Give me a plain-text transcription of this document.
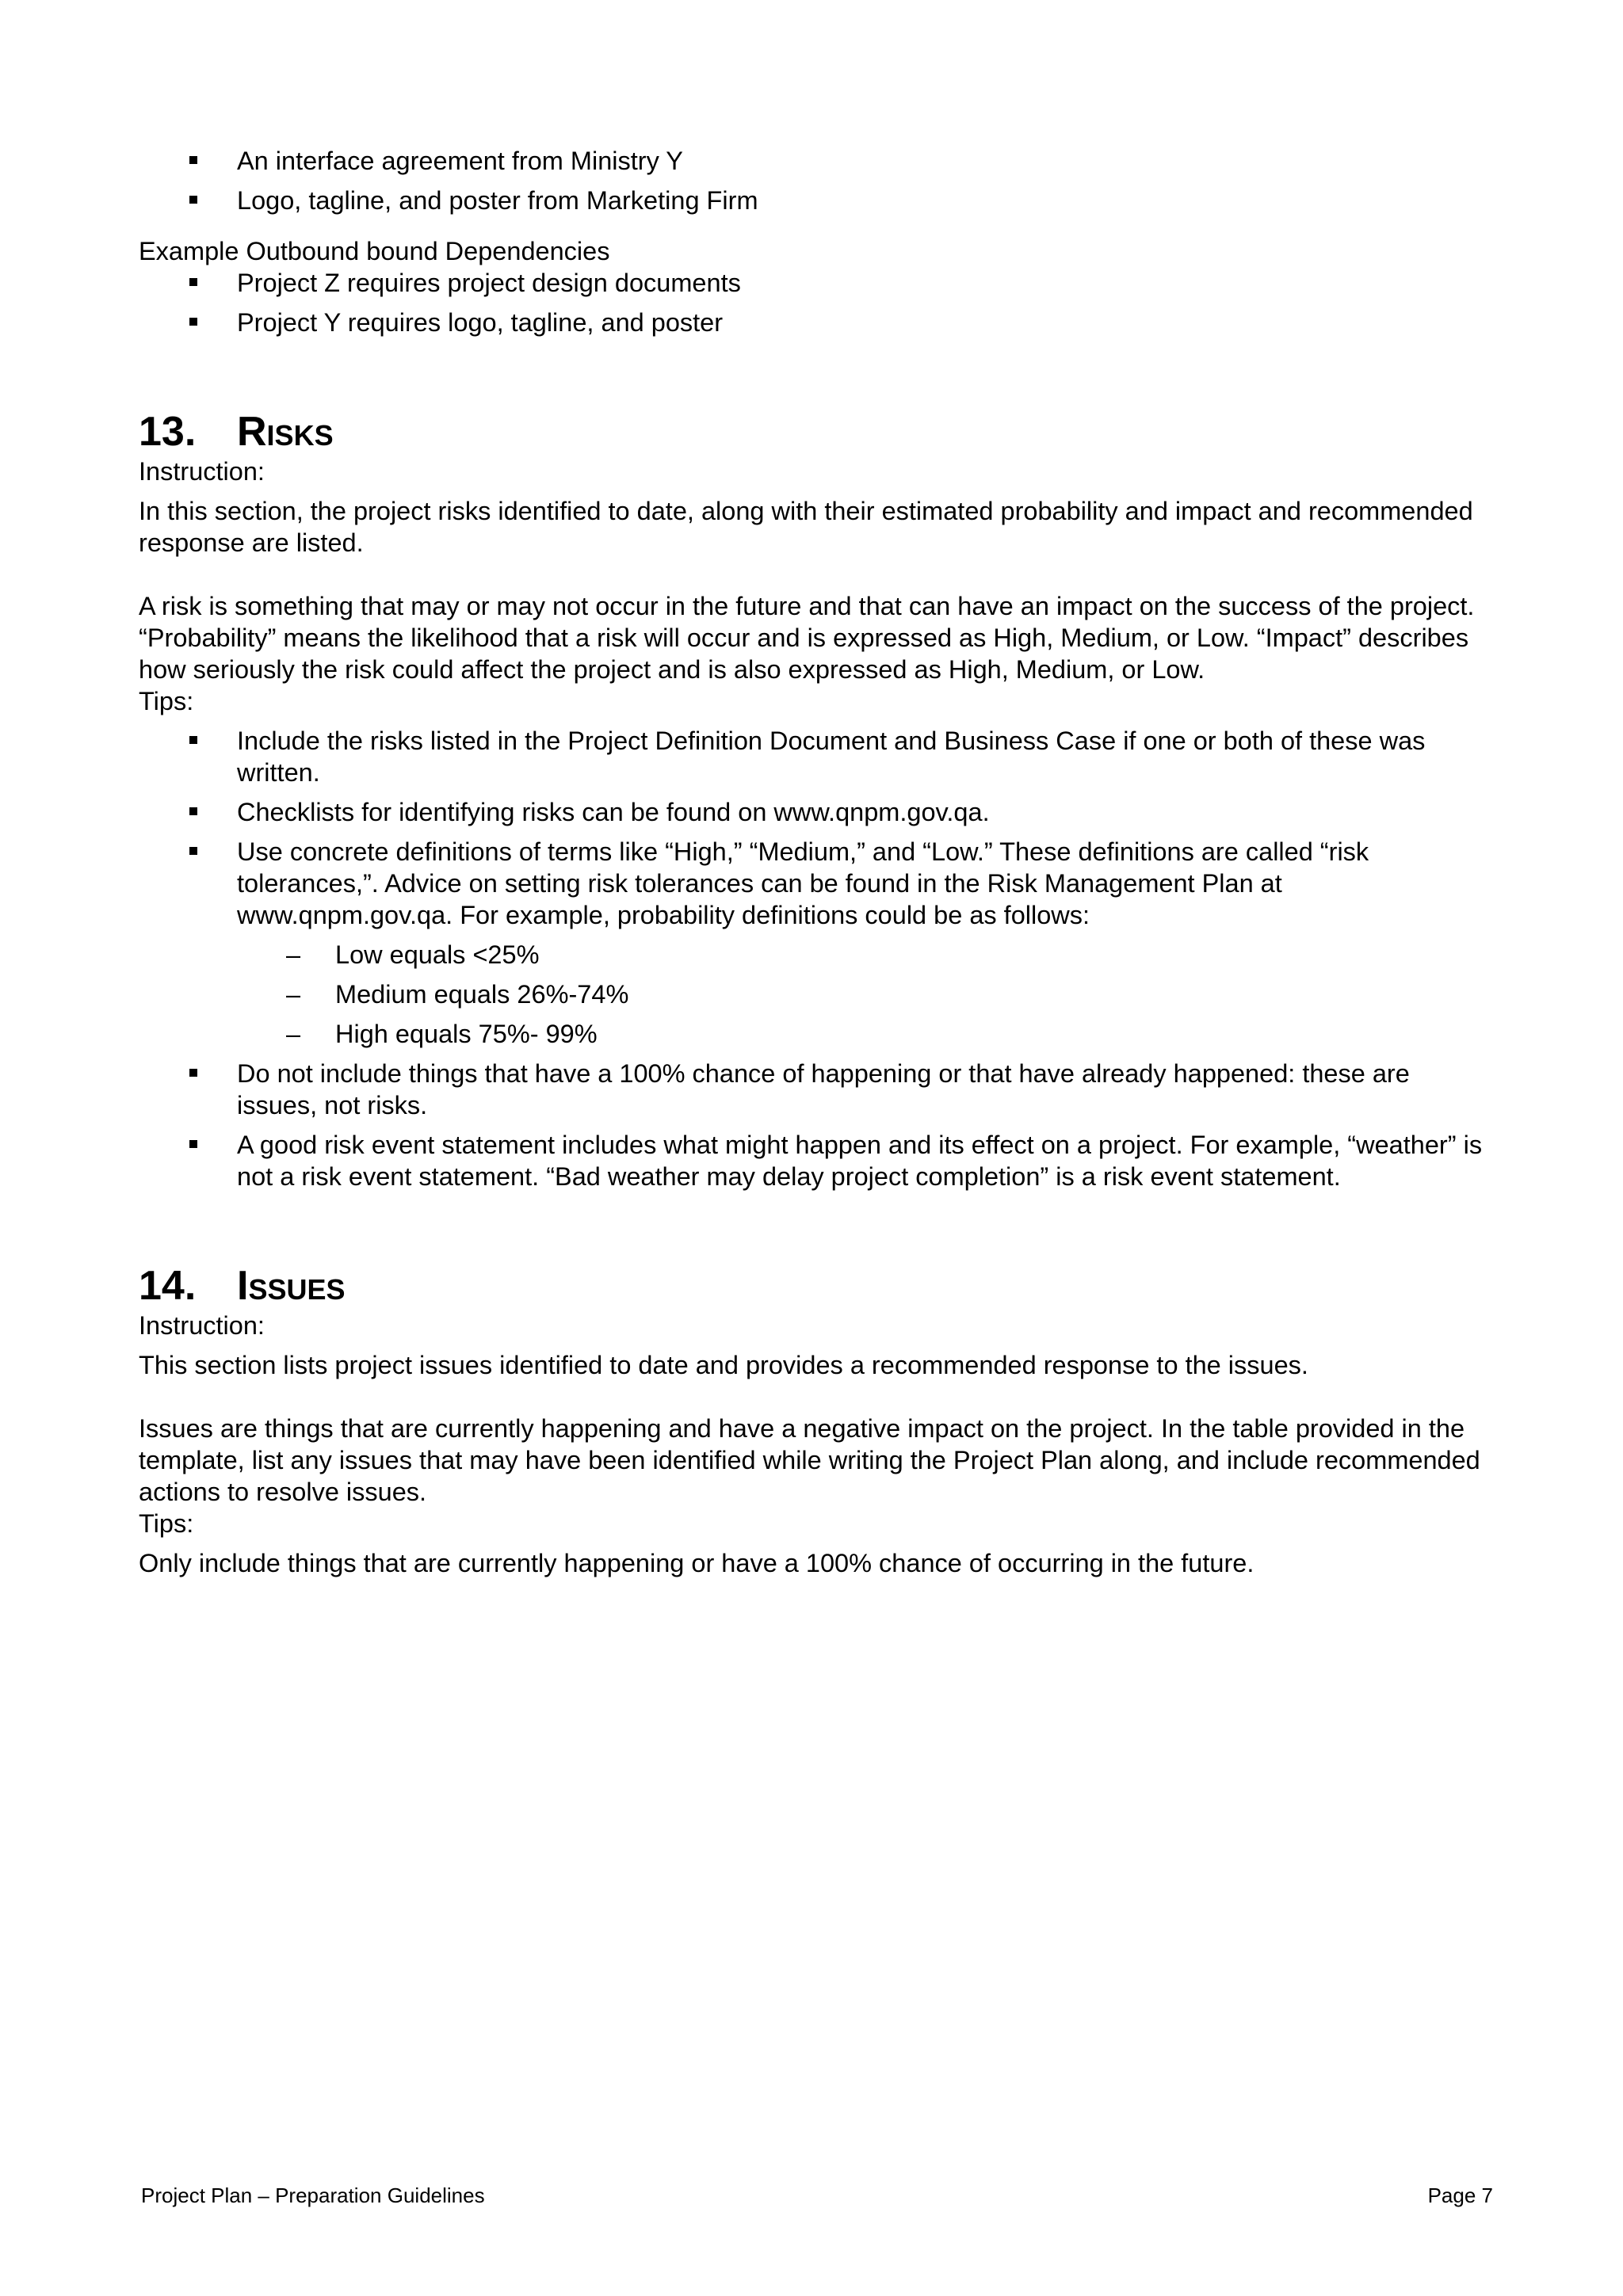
An interface agreement from Ministry Y
Logo, tagline, and poster from Marketing Firm

Example Outbound bound Dependencies

Project Z requires project design documents
Project Y requires logo, tagline, and poster
13. Risks

Instruction:

In this section, the project risks identified to date, along with their estimated probability and impact and recommended response are listed.

A risk is something that may or may not occur in the future and that can have an impact on the success of the project. “Probability” means the likelihood that a risk will occur and is expressed as High, Medium, or Low. “Impact” describes how seriously the risk could affect the project and is also expressed as High, Medium, or Low.

Tips:

Include the risks listed in the Project Definition Document and Business Case if one or both of these was written.
Checklists for identifying risks can be found on www.qnpm.gov.qa.
Use concrete definitions of terms like “High,” “Medium,” and “Low.” These definitions are called “risk tolerances,”. Advice on setting risk tolerances can be found in the Risk Management Plan at www.qnpm.gov.qa. For example, probability definitions could be as follows:
– Low equals <25%
– Medium equals 26%-74%
– High equals 75%- 99%
Do not include things that have a 100% chance of happening or that have already happened: these are issues, not risks.
A good risk event statement includes what might happen and its effect on a project. For example, “weather” is not a risk event statement. “Bad weather may delay project completion” is a risk event statement.
14. Issues

Instruction:

This section lists project issues identified to date and provides a recommended response to the issues.

Issues are things that are currently happening and have a negative impact on the project. In the table provided in the template, list any issues that may have been identified while writing the Project Plan along, and include recommended actions to resolve issues.

Tips:

Only include things that are currently happening or have a 100% chance of occurring in the future.

Project Plan – Preparation Guidelines	Page 7
